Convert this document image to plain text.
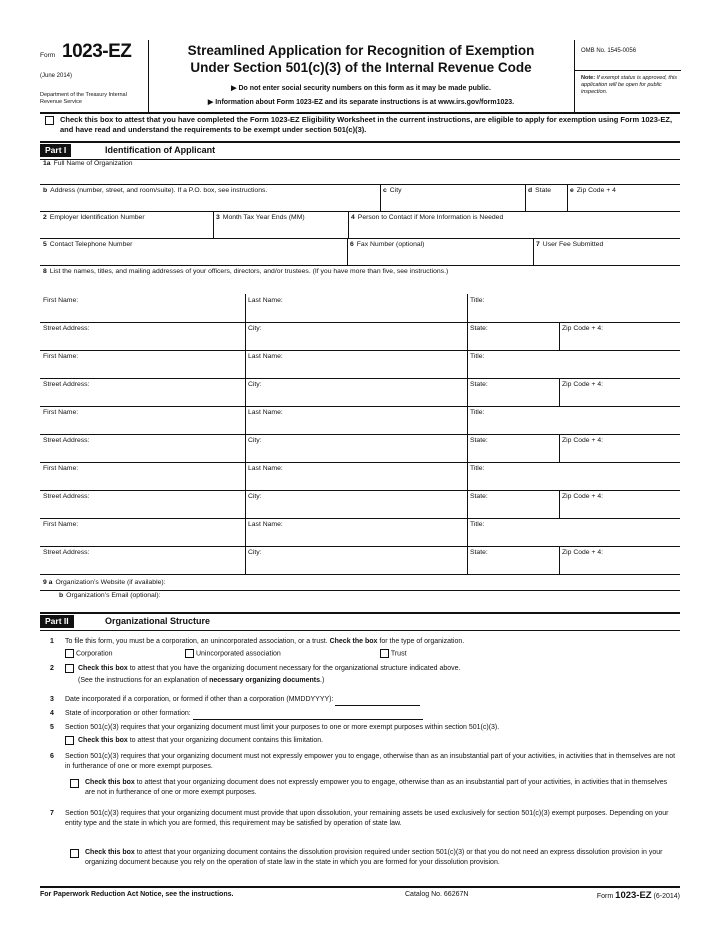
Form 1023-EZ
(June 2014)
Department of the Treasury Internal Revenue Service
Streamlined Application for Recognition of Exemption
Under Section 501(c)(3) of the Internal Revenue Code
▶ Do not enter social security numbers on this form as it may be made public.
▶ Information about Form 1023-EZ and its separate instructions is at www.irs.gov/form1023.
OMB No. 1545-0056
Note: If exempt status is approved, this application will be open for public inspection.
Check this box to attest that you have completed the Form 1023-EZ Eligibility Worksheet in the current instructions, are eligible to apply for exemption using Form 1023-EZ, and have read and understand the requirements to be exempt under section 501(c)(3).
Part I	Identification of Applicant
1a Full Name of Organization
b Address (number, street, and room/suite). If a P.O. box, see instructions.	c City	d State	e Zip Code + 4
2 Employer Identification Number	3 Month Tax Year Ends (MM)	4 Person to Contact if More Information is Needed
5 Contact Telephone Number	6 Fax Number (optional)	7 User Fee Submitted
8 List the names, titles, and mailing addresses of your officers, directors, and/or trustees. (If you have more than five, see instructions.)
First Name:	Last Name:	Title:
Street Address:	City:	State:	Zip Code + 4:
First Name:	Last Name:	Title:
Street Address:	City:	State:	Zip Code + 4:
First Name:	Last Name:	Title:
Street Address:	City:	State:	Zip Code + 4:
First Name:	Last Name:	Title:
Street Address:	City:	State:	Zip Code + 4:
First Name:	Last Name:	Title:
Street Address:	City:	State:	Zip Code + 4:
9 a Organization’s Website (if available):
b Organization’s Email (optional):
Part II	Organizational Structure
1 To file this form, you must be a corporation, an unincorporated association, or a trust. Check the box for the type of organization.
Corporation	Unincorporated association	Trust
2	Check this box to attest that you have the organizing document necessary for the organizational structure indicated above.
(See the instructions for an explanation of necessary organizing documents.)
3 Date incorporated if a corporation, or formed if other than a corporation (MMDDYYYY):
4 State of incorporation or other formation:
5 Section 501(c)(3) requires that your organizing document must limit your purposes to one or more exempt purposes within section 501(c)(3).
Check this box to attest that your organizing document contains this limitation.
6 Section 501(c)(3) requires that your organizing document must not expressly empower you to engage, otherwise than as an insubstantial part of your activities, in activities that in themselves are not in furtherance of one or more exempt purposes.
Check this box to attest that your organizing document does not expressly empower you to engage, otherwise than as an insubstantial part of your activities, in activities that in themselves are not in furtherance of one or more exempt purposes.
7 Section 501(c)(3) requires that your organizing document must provide that upon dissolution, your remaining assets be used exclusively for section 501(c)(3) exempt purposes. Depending on your entity type and the state in which you are formed, this requirement may be satisfied by operation of state law.
Check this box to attest that your organizing document contains the dissolution provision required under section 501(c)(3) or that you do not need an express dissolution provision in your organizing document because you rely on the operation of state law in the state in which you are formed for your dissolution provision.
For Paperwork Reduction Act Notice, see the instructions.	Catalog No. 66267N	Form 1023-EZ (6-2014)
